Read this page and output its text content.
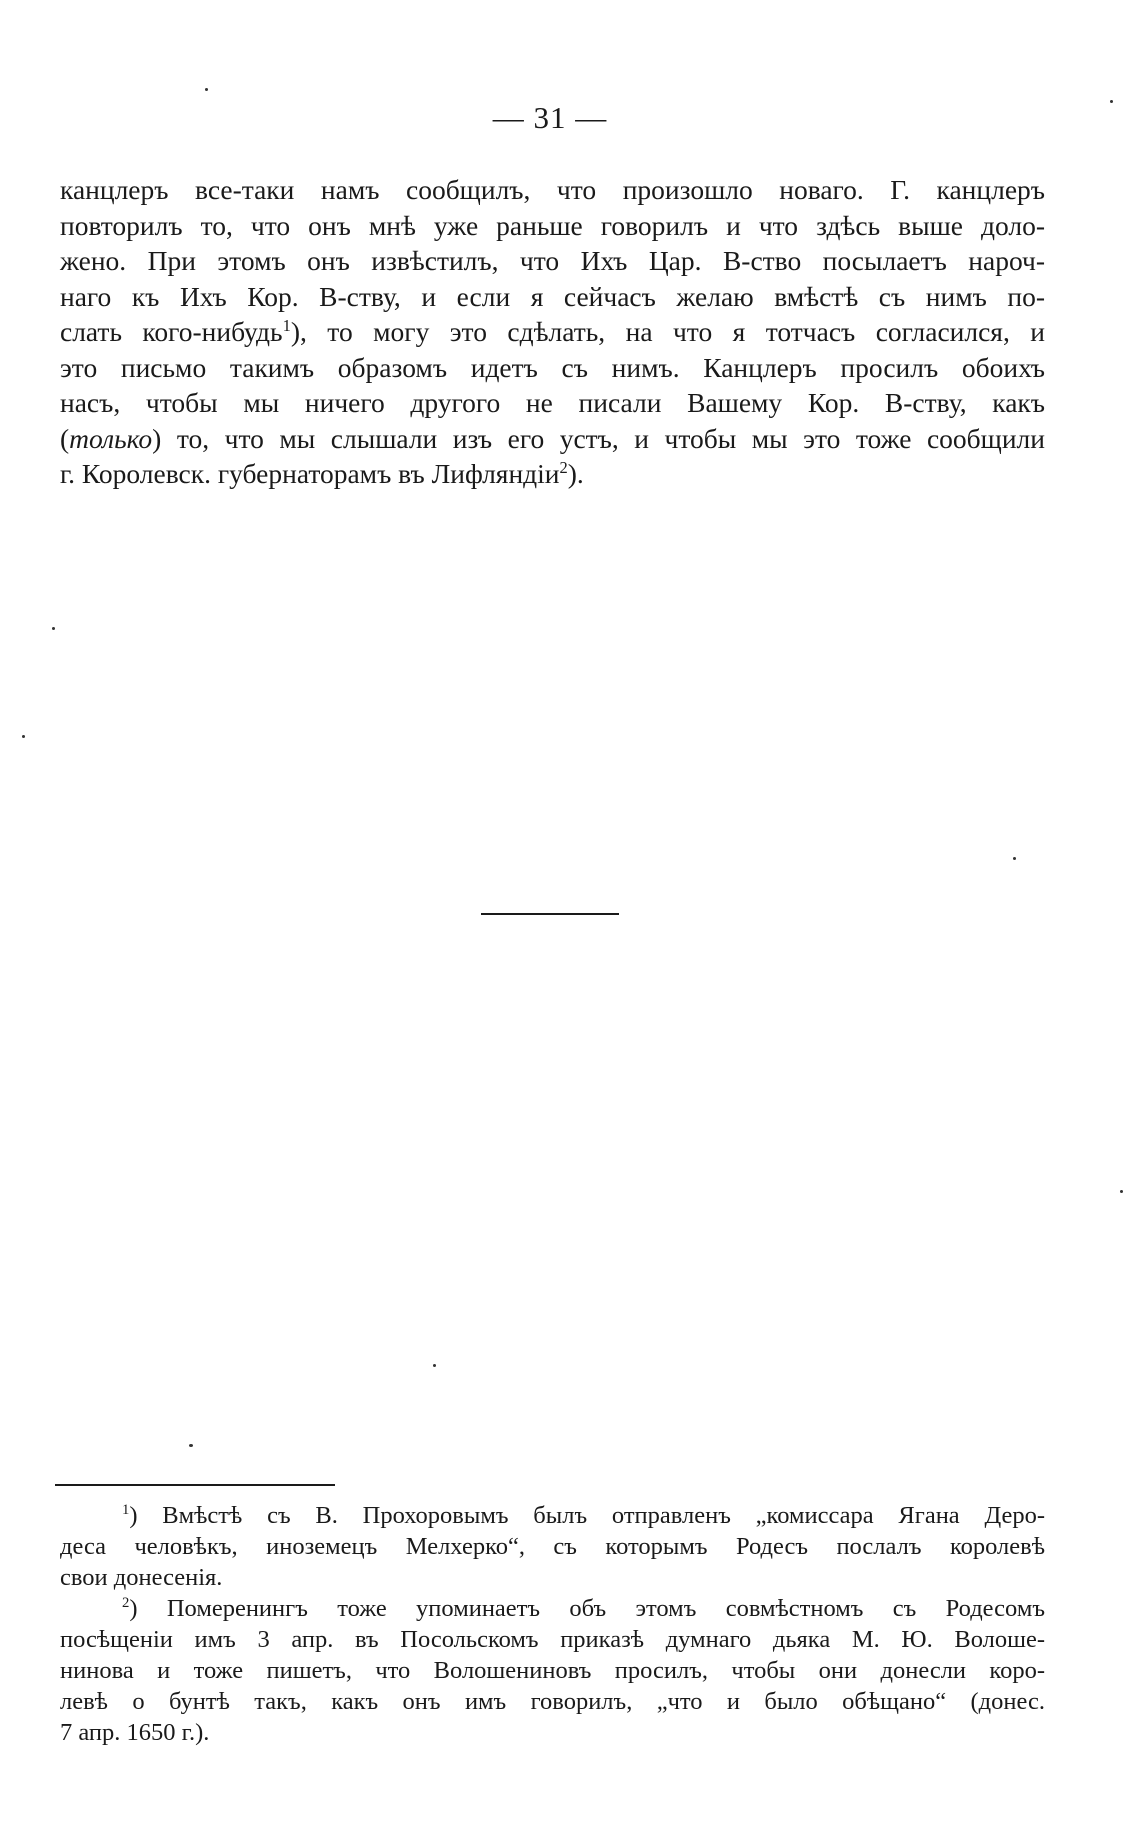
— 31 —
канцлеръ все-таки намъ сообщилъ, что произошло новаго. Г. канцлеръ
повторилъ то, что онъ мнѣ уже раньше говорилъ и что здѣсь выше доло-
жено. При этомъ онъ извѣстилъ, что Ихъ Цар. В-ство посылаетъ нароч-
наго къ Ихъ Кор. В-ству, и если я сейчасъ желаю вмѣстѣ съ нимъ по-
слать кого-нибудь$^1$), то могу это сдѣлать, на что я тотчасъ согласился, и
это письмо такимъ образомъ идетъ съ нимъ. Канцлеръ просилъ обоихъ
насъ, чтобы мы ничего другого не писали Вашему Кор. В-ству, какъ
(только) то, что мы слышали изъ его устъ, и чтобы мы это тоже сообщили
г. Королевск. губернаторамъ въ Лифляндіи$^2$).
$^1$) Вмѣстѣ съ В. Прохоровымъ былъ отправленъ „комиссара Ягана Деро-
деса человѣкъ, иноземецъ Мелхерко“, съ которымъ Родесъ послалъ королевѣ
свои донесенія.
$^2$) Померенингъ тоже упоминаетъ объ этомъ совмѣстномъ съ Родесомъ
посѣщеніи имъ 3 апр. въ Посольскомъ приказѣ думнаго дьяка М. Ю. Волоше-
нинова и тоже пишетъ, что Волошениновъ просилъ, чтобы они донесли коро-
левѣ о бунтѣ такъ, какъ онъ имъ говорилъ, „что и было обѣщано“ (донес.
7 апр. 1650 г.).
